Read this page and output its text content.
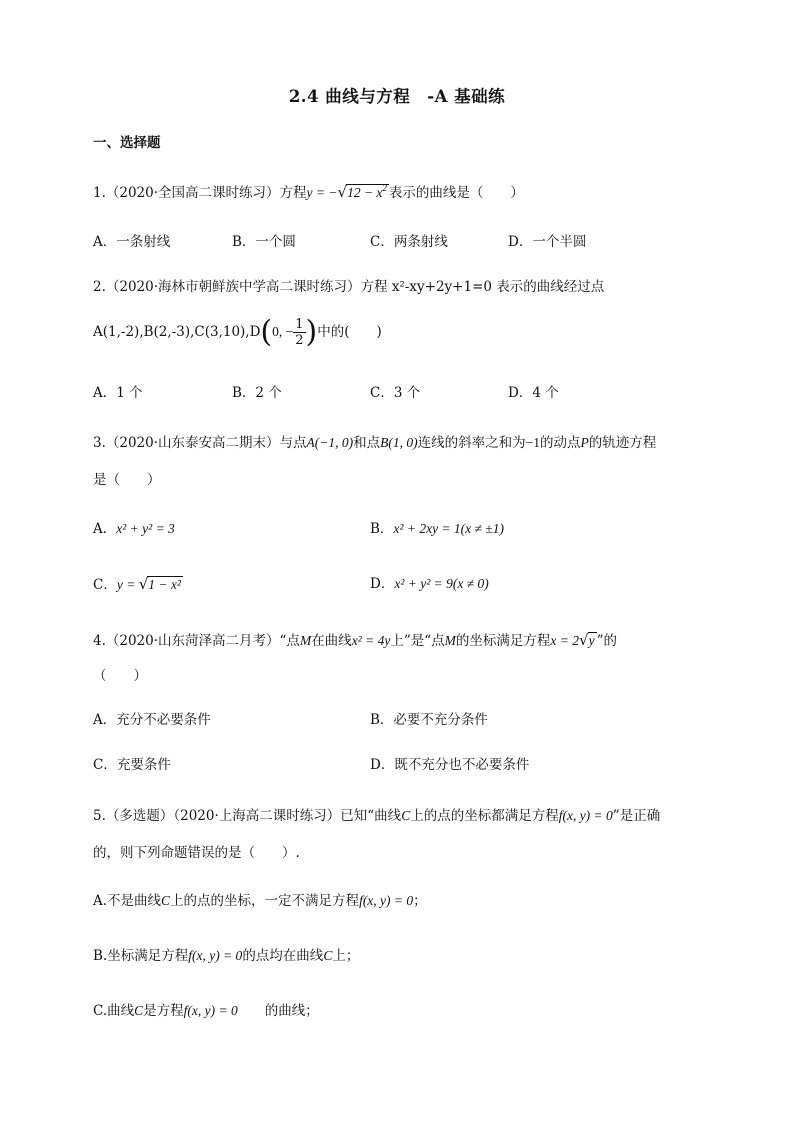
2.4 曲线与方程　-A 基础练
一、选择题
1.（2020·全国高二课时练习）方程$y = -√12 - x^2$ 表示的曲线是（　　）
A．一条射线	B．一个圆	C．两条射线	D．一个半圆
2.（2020·海林市朝鲜族中学高二课时练习）方程 x²-xy+2y+1=0 表示的曲线经过点
A(1,-2),B(2,-3),C(3,10),D(0, − $\frac{1}{2}$ )中的(　　)
A．1 个	B．2 个	C．3 个	D．4 个
3.（2020·山东泰安高二期末）与点A(−1, 0)和点B(1, 0)连线的斜率之和为−1的动点P的轨迹方程
是（　　）
A．x² + y² = 3	B．x² + 2xy = 1(x ≠ ±1)
C．y = √1 − x²	D．x² + y² = 9(x ≠ 0)
4.（2020·山东菏泽高二月考）“点M在曲线x² = 4y上”是“点M的坐标满足方程x = 2√y ”的
（　　）
A．充分不必要条件	B．必要不充分条件
C．充要条件	D．既不充分也不必要条件
5.（多选题）（2020·上海高二课时练习）已知“曲线C上的点的坐标都满足方程f(x, y) = 0”是正确
的，则下列命题错误的是（　　）.
A.不是曲线C上的点的坐标，一定不满足方程f(x, y) = 0；
B.坐标满足方程f(x, y) = 0的点均在曲线C上；
C.曲线C是方程f(x, y) = 0　　的曲线；
